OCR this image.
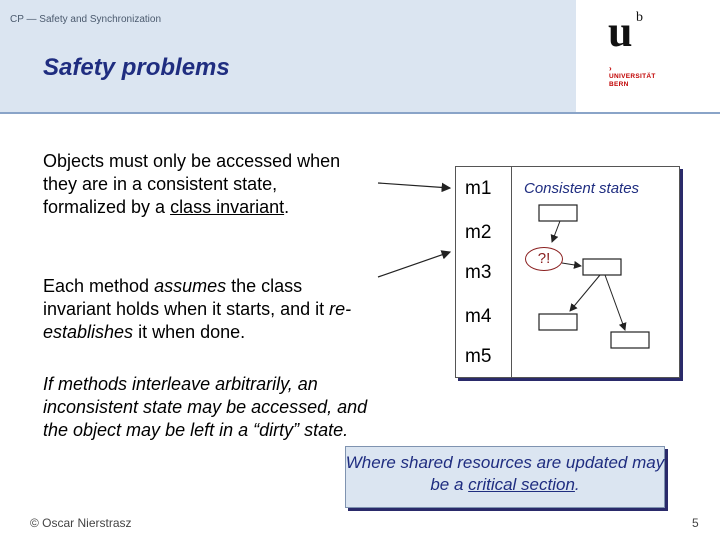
CP — Safety and Synchronization
Safety problems
u b
›
UNIVERSITÄT
BERN
Objects must only be accessed when they are in a consistent state, formalized by a class invariant.
Each method assumes the class invariant holds when it starts, and it re-establishes it when done.
If methods interleave arbitrarily, an inconsistent state may be accessed, and the object may be left in a “dirty” state.
m1
m2
m3
m4
m5
Consistent states
?!
Where shared resources are updated may be a critical section.
© Oscar Nierstrasz	5
